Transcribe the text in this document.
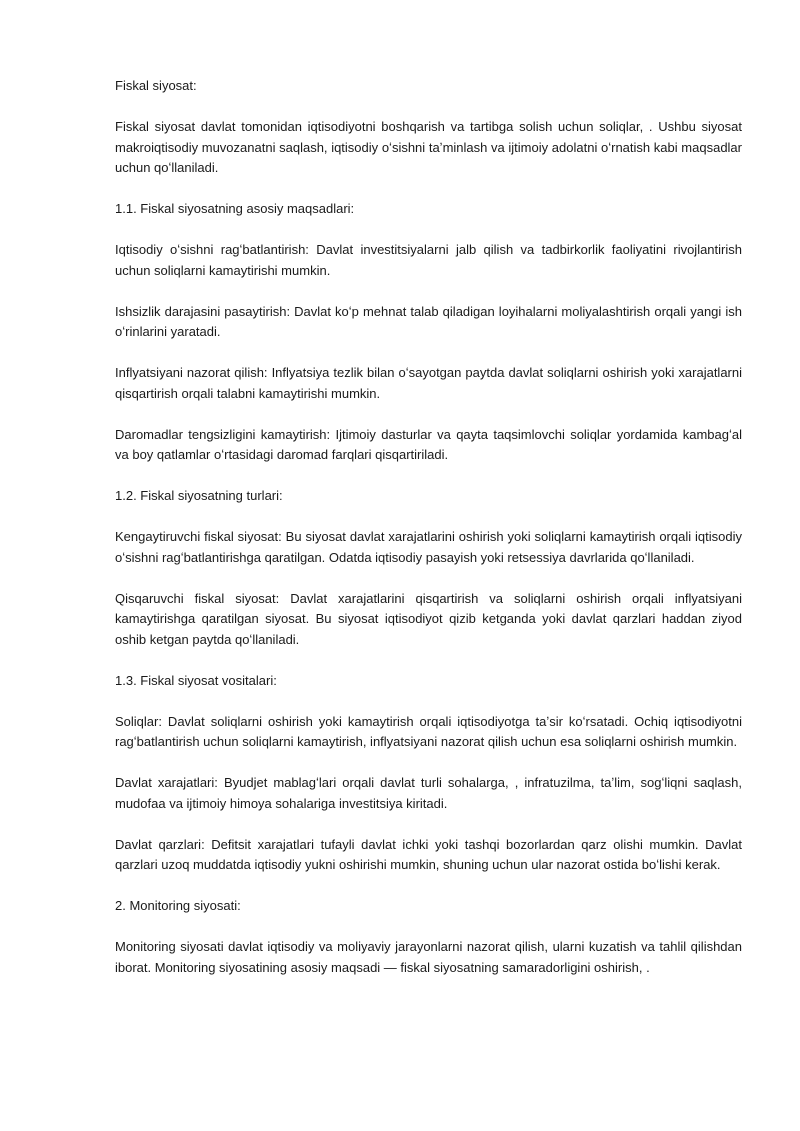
Fiskal siyosat:

Fiskal siyosat davlat tomonidan iqtisodiyotni boshqarish va tartibga solish uchun soliqlar, . Ushbu siyosat makroiqtisodiy muvozanatni saqlash, iqtisodiy oʻsishni taʼminlash va ijtimoiy adolatni oʻrnatish kabi maqsadlar uchun qoʻllaniladi.

1.1. Fiskal siyosatning asosiy maqsadlari:

Iqtisodiy oʻsishni ragʻbatlantirish: Davlat investitsiyalarni jalb qilish va tadbirkorlik faoliyatini rivojlantirish uchun soliqlarni kamaytirishi mumkin.

Ishsizlik darajasini pasaytirish: Davlat koʻp mehnat talab qiladigan loyihalarni moliyalashtirish orqali yangi ish oʻrinlarini yaratadi.

Inflyatsiyani nazorat qilish: Inflyatsiya tezlik bilan oʻsayotgan paytda davlat soliqlarni oshirish yoki xarajatlarni qisqartirish orqali talabni kamaytirishi mumkin.

Daromadlar tengsizligini kamaytirish: Ijtimoiy dasturlar va qayta taqsimlovchi soliqlar yordamida kambagʻal va boy qatlamlar oʻrtasidagi daromad farqlari qisqartiriladi.

1.2. Fiskal siyosatning turlari:

Kengaytiruvchi fiskal siyosat: Bu siyosat davlat xarajatlarini oshirish yoki soliqlarni kamaytirish orqali iqtisodiy oʻsishni ragʻbatlantirishga qaratilgan. Odatda iqtisodiy pasayish yoki retsessiya davrlarida qoʻllaniladi.

Qisqaruvchi fiskal siyosat: Davlat xarajatlarini qisqartirish va soliqlarni oshirish orqali inflyatsiyani kamaytirishga qaratilgan siyosat. Bu siyosat iqtisodiyot qizib ketganda yoki davlat qarzlari haddan ziyod oshib ketgan paytda qoʻllaniladi.

1.3. Fiskal siyosat vositalari:

Soliqlar: Davlat soliqlarni oshirish yoki kamaytirish orqali iqtisodiyotga taʼsir koʻrsatadi. Ochiq iqtisodiyotni ragʻbatlantirish uchun soliqlarni kamaytirish, inflyatsiyani nazorat qilish uchun esa soliqlarni oshirish mumkin.

Davlat xarajatlari: Byudjet mablagʻlari orqali davlat turli sohalarga, , infratuzilma, taʼlim, sogʻliqni saqlash, mudofaa va ijtimoiy himoya sohalariga investitsiya kiritadi.

Davlat qarzlari: Defitsit xarajatlari tufayli davlat ichki yoki tashqi bozorlardan qarz olishi mumkin. Davlat qarzlari uzoq muddatda iqtisodiy yukni oshirishi mumkin, shuning uchun ular nazorat ostida boʻlishi kerak.

2. Monitoring siyosati:

Monitoring siyosati davlat iqtisodiy va moliyaviy jarayonlarni nazorat qilish, ularni kuzatish va tahlil qilishdan iborat. Monitoring siyosatining asosiy maqsadi — fiskal siyosatning samaradorligini oshirish, .
